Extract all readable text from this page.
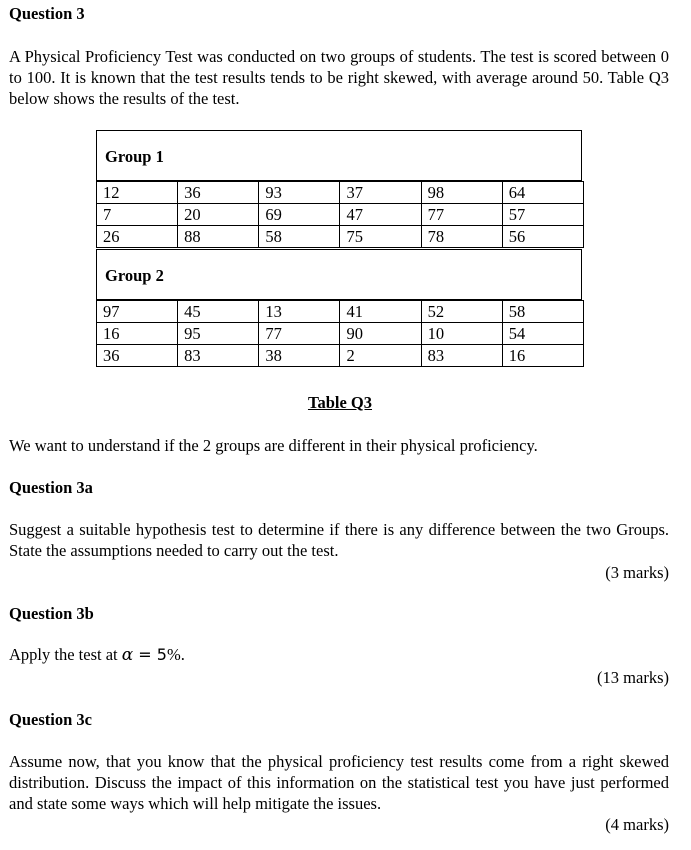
Question 3
A Physical Proficiency Test was conducted on two groups of students. The test is scored between 0 to 100. It is known that the test results tends to be right skewed, with average around 50. Table Q3 below shows the results of the test.
Group 1
12	36	93	37	98	64
7	20	69	47	77	57
26	88	58	75	78	56
Group 2
97	45	13	41	52	58
16	95	77	90	10	54
36	83	38	2	83	16
Table Q3
We want to understand if the 2 groups are different in their physical proficiency.
Question 3a
Suggest a suitable hypothesis test to determine if there is any difference between the two Groups. State the assumptions needed to carry out the test.
(3 marks)
Question 3b
Apply the test at α = 5%.
(13 marks)
Question 3c
Assume now, that you know that the physical proficiency test results come from a right skewed distribution. Discuss the impact of this information on the statistical test you have just performed and state some ways which will help mitigate the issues.
(4 marks)
